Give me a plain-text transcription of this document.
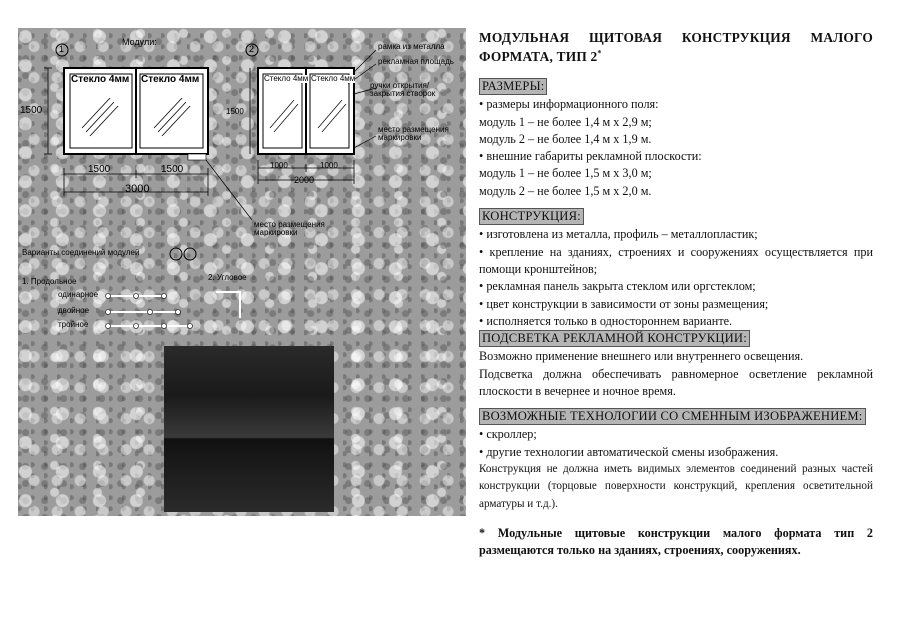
1
Модули:
Стекло 4мм Стекло 4мм
1500
1500	1500
3000
2
Стекло 4мм Стекло 4мм
1500
1000	1000
2000
рамка из металла
рекламная площадь
ручки открытия/ закрытия створок
место размещения маркировки
место размещения маркировки
Варианты соединений модулей
1. Продольное
одинарное
двойное
тройное
2. Угловое

МОДУЛЬНАЯ ЩИТОВАЯ КОНСТРУКЦИЯ МАЛОГО ФОРМАТА, ТИП 2*

РАЗМЕРЫ:

• размеры информационного поля:

модуль 1 – не более 1,4 м х 2,9 м;

модуль 2 – не более 1,4 м х 1,9 м.

• внешние габариты рекламной плоскости:

модуль 1 – не более 1,5 м х 3,0 м;

модуль 2 – не более 1,5 м х 2,0 м.

КОНСТРУКЦИЯ:

• изготовлена из металла, профиль – металлопластик;

• крепление на зданиях, строениях и сооружениях осуществляется при помощи кронштейнов;

• рекламная панель закрыта стеклом или оргстеклом;

• цвет конструкции в зависимости от зоны размещения;

• исполняется только в одностороннем варианте.

ПОДСВЕТКА РЕКЛАМНОЙ КОНСТРУКЦИИ:

Возможно применение внешнего или внутреннего освещения.

Подсветка должна обеспечивать равномерное осветление рекламной плоскости в вечернее и ночное время.

ВОЗМОЖНЫЕ ТЕХНОЛОГИИ СО СМЕННЫМ ИЗОБРАЖЕНИЕМ:

• скроллер;

• другие технологии автоматической смены изображения.

Конструкция не должна иметь видимых элементов соединений разных частей конструкции (торцовые поверхности конструкций, крепления осветительной арматуры и т.д.).

* Модульные щитовые конструкции малого формата тип 2 размещаются только на зданиях, строениях, сооружениях.
